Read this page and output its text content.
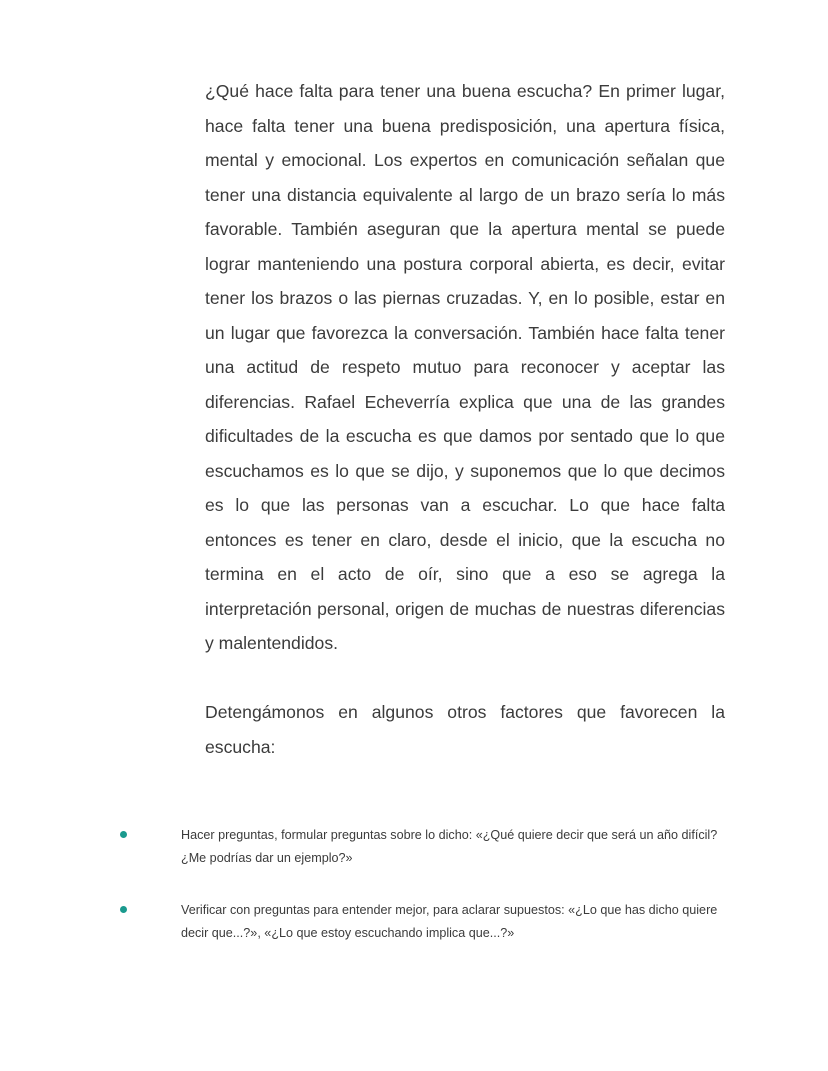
¿Qué hace falta para tener una buena escucha? En primer lugar, hace falta tener una buena predisposición, una apertura física, mental y emocional. Los expertos en comunicación señalan que tener una distancia equivalente al largo de un brazo sería lo más favorable. También aseguran que la apertura mental se puede lograr manteniendo una postura corporal abierta, es decir, evitar tener los brazos o las piernas cruzadas. Y, en lo posible, estar en un lugar que favorezca la conversación. También hace falta tener una actitud de respeto mutuo para reconocer y aceptar las diferencias. Rafael Echeverría explica que una de las grandes dificultades de la escucha es que damos por sentado que lo que escuchamos es lo que se dijo, y suponemos que lo que decimos es lo que las personas van a escuchar. Lo que hace falta entonces es tener en claro, desde el inicio, que la escucha no termina en el acto de oír, sino que a eso se agrega la interpretación personal, origen de muchas de nuestras diferencias y malentendidos.

Detengámonos en algunos otros factores que favorecen la escucha:

Hacer preguntas, formular preguntas sobre lo dicho: «¿Qué quiere decir que será un año difícil? ¿Me podrías dar un ejemplo?»
Verificar con preguntas para entender mejor, para aclarar supuestos: «¿Lo que has dicho quiere decir que...?», «¿Lo que estoy escuchando implica que...?»
